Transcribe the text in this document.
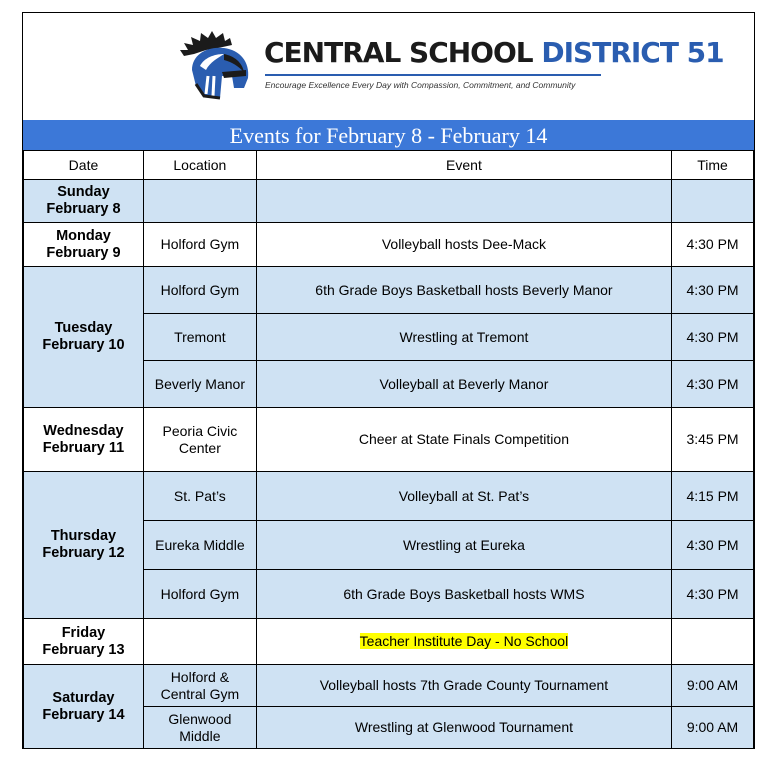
CENTRAL SCHOOL DISTRICT 51
Encourage Excellence Every Day with Compassion, Commitment, and Community
Events for February 8 - February 14
Date	Location	Event	Time

Sunday
February 8			

Monday
February 9	Holford Gym	Volleyball hosts Dee-Mack	4:30 PM

Tuesday
February 10	Holford Gym	6th Grade Boys Basketball hosts Beverly Manor	4:30 PM
	Tremont	Wrestling at Tremont	4:30 PM
	Beverly Manor	Volleyball at Beverly Manor	4:30 PM

Wednesday
February 11	Peoria Civic Center	Cheer at State Finals Competition	3:45 PM

Thursday
February 12	St. Pat’s	Volleyball at St. Pat’s	4:15 PM
	Eureka Middle	Wrestling at Eureka	4:30 PM
	Holford Gym	6th Grade Boys Basketball hosts WMS	4:30 PM

Friday
February 13		Teacher Institute Day - No School	

Saturday
February 14	Holford & Central Gym	Volleyball hosts 7th Grade County Tournament	9:00 AM
	Glenwood Middle	Wrestling at Glenwood Tournament	9:00 AM
